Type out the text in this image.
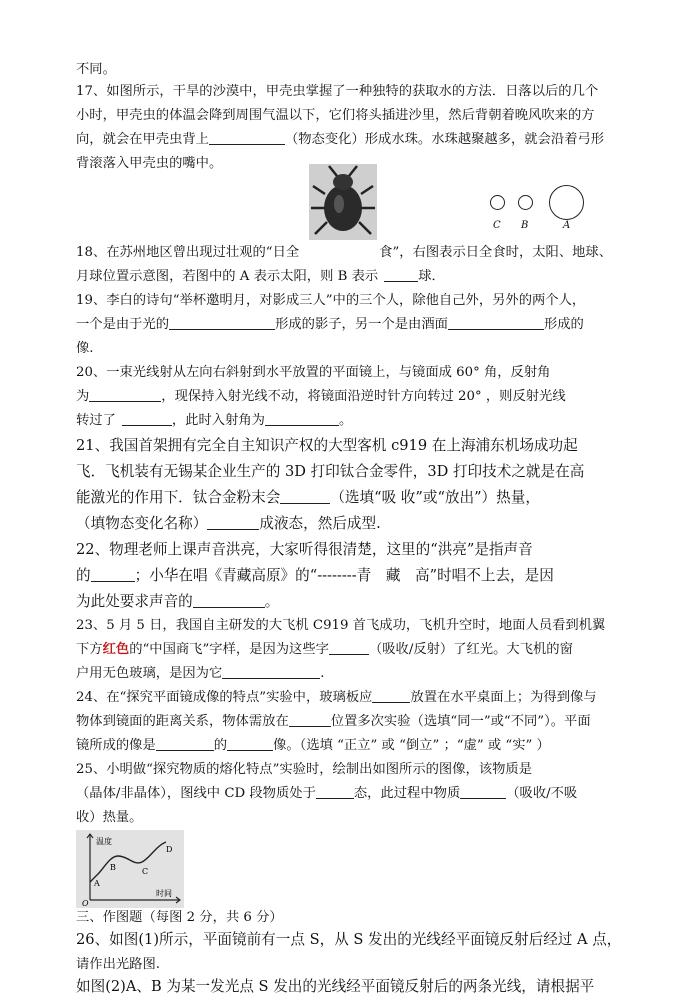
不同。
17、如图所示，干旱的沙漠中，甲壳虫掌握了一种独特的获取水的方法．日落以后的几个
小时，甲壳虫的体温会降到周围气温以下，它们将头插进沙里，然后背朝着晚风吹来的方
向，就会在甲壳虫背上	（物态变化）形成水珠。水珠越聚越多，就会沿着弓形
背滚落入甲壳虫的嘴中。
C B	A
18、在苏州地区曾出现过壮观的“日全	食”，右图表示日全食时，太阳、地球、
月球位置示意图，若图中的 A 表示太阳，则 B 表示	球．
19、李白的诗句“举杯邀明月，对影成三人”中的三个人，除他自己外，另外的两个人，
一个是由于光的	形成的影子，另一个是由酒面	形成的
像.
20、一束光线射从左向右斜射到水平放置的平面镜上，与镜面成 60° 角，反射角
为	，现保持入射光线不动，将镜面沿逆时针方向转过 20° ，则反射光线
转过了	，此时入射角为	。
21、我国首架拥有完全自主知识产权的大型客机 c919 在上海浦东机场成功起
飞．飞机装有无锡某企业生产的 3D 打印钛合金零件，3D 打印技术之就是在高
能激光的作用下．钛合金粉末会	（选填“吸 收”或“放出”）热量，
（填物态变化名称）	成液态，然后成型.
22、物理老师上课声音洪亮，大家听得很清楚，这里的“洪亮”是指声音
的	；小华在唱《青藏高原》的“--------青　藏　高”时唱不上去，是因
为此处要求声音的	。
23、5 月 5 日，我国自主研发的大飞机 C919 首飞成功，飞机升空时，地面人员看到机翼
下方红色的“中国商飞”字样，是因为这些字	（吸收/反射）了红光。大飞机的窗
户用无色玻璃，是因为它	.
24、在“探究平面镜成像的特点”实验中，玻璃板应	放置在水平桌面上；为得到像与
物体到镜面的距离关系，物体需放在	位置多次实验（选填“同一”或“不同”）。平面
镜所成的像是	的	像。（选填 “正立” 或 “倒立” ；“虚” 或 “实” ）
25、小明做“探究物质的熔化特点”实验时，绘制出如图所示的图像，该物质是
（晶体/非晶体），图线中 CD 段物质处于	态，此过程中物质	（吸收/不吸
收）热量。
温度
时间
O
A
B	C
D
三、作图题（每图 2 分，共 6 分）
26、如图(1)所示，平面镜前有一点 S，从 S 发出的光线经平面镜反射后经过 A 点，
请作出光路图.
如图(2)A、B 为某一发光点 S 发出的光线经平面镜反射后的两条光线，请根据平
